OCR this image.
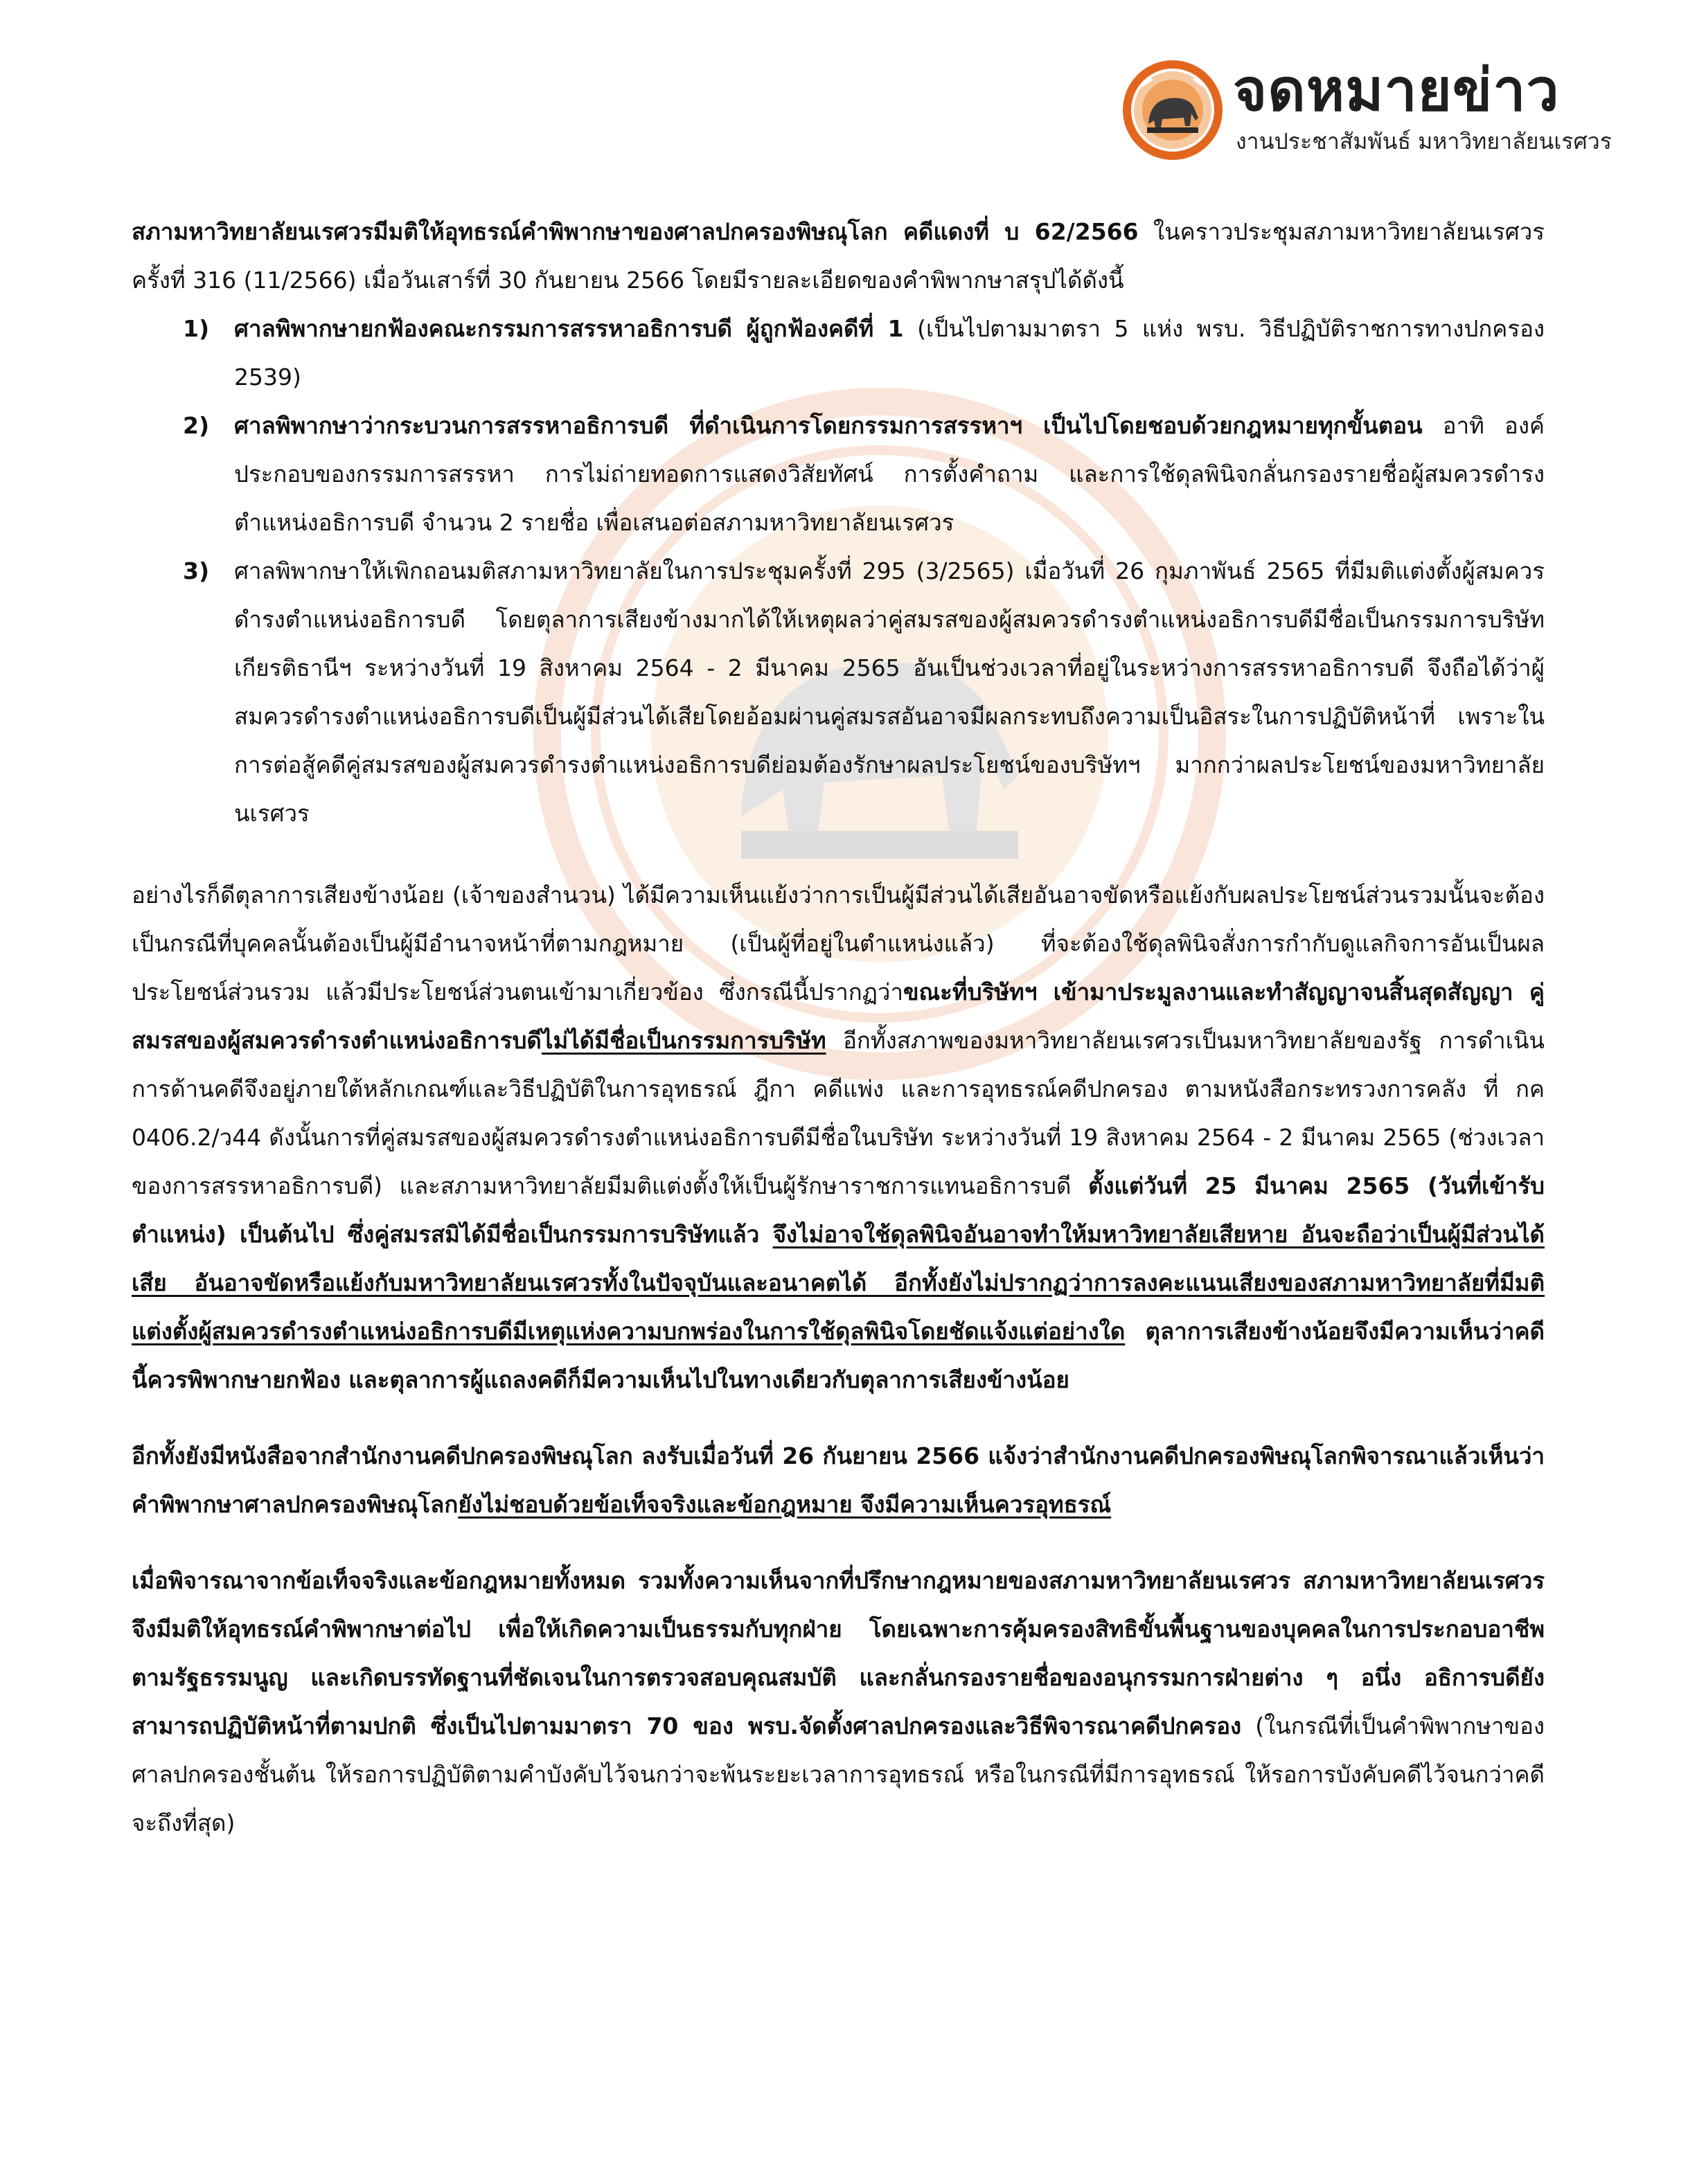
จดหมายข่าว
งานประชาสัมพันธ์ มหาวิทยาลัยนเรศวร

สภามหาวิทยาลัยนเรศวรมีมติให้อุทธรณ์คำพิพากษาของศาลปกครองพิษณุโลก คดีแดงที่ บ 62/2566 ในคราวประชุมสภามหาวิทยาลัยนเรศวรครั้งที่ 316 (11/2566) เมื่อวันเสาร์ที่ 30 กันยายน 2566 โดยมีรายละเอียดของคำพิพากษาสรุปได้ดังนี้

1) ศาลพิพากษายกฟ้องคณะกรรมการสรรหาอธิการบดี ผู้ถูกฟ้องคดีที่ 1 (เป็นไปตามมาตรา 5 แห่ง พรบ. วิธีปฏิบัติราชการทางปกครอง 2539)
2) ศาลพิพากษาว่ากระบวนการสรรหาอธิการบดี ที่ดำเนินการโดยกรรมการสรรหาฯ เป็นไปโดยชอบด้วยกฎหมายทุกขั้นตอน อาทิ องค์ประกอบของกรรมการสรรหา การไม่ถ่ายทอดการแสดงวิสัยทัศน์ การตั้งคำถาม และการใช้ดุลพินิจกลั่นกรองรายชื่อผู้สมควรดำรงตำแหน่งอธิการบดี จำนวน 2 รายชื่อ เพื่อเสนอต่อสภามหาวิทยาลัยนเรศวร
3) ศาลพิพากษาให้เพิกถอนมติสภามหาวิทยาลัยในการประชุมครั้งที่ 295 (3/2565) เมื่อวันที่ 26 กุมภาพันธ์ 2565 ที่มีมติแต่งตั้งผู้สมควรดำรงตำแหน่งอธิการบดี โดยตุลาการเสียงข้างมากได้ให้เหตุผลว่าคู่สมรสของผู้สมควรดำรงตำแหน่งอธิการบดีมีชื่อเป็นกรรมการบริษัทเกียรติธานีฯ ระหว่างวันที่ 19 สิงหาคม 2564 - 2 มีนาคม 2565 อันเป็นช่วงเวลาที่อยู่ในระหว่างการสรรหาอธิการบดี จึงถือได้ว่าผู้สมควรดำรงตำแหน่งอธิการบดีเป็นผู้มีส่วนได้เสียโดยอ้อมผ่านคู่สมรสอันอาจมีผลกระทบถึงความเป็นอิสระในการปฏิบัติหน้าที่ เพราะในการต่อสู้คดีคู่สมรสของผู้สมควรดำรงตำแหน่งอธิการบดีย่อมต้องรักษาผลประโยชน์ของบริษัทฯ มากกว่าผลประโยชน์ของมหาวิทยาลัยนเรศวร

อย่างไรก็ดีตุลาการเสียงข้างน้อย (เจ้าของสำนวน) ได้มีความเห็นแย้งว่าการเป็นผู้มีส่วนได้เสียอันอาจขัดหรือแย้งกับผลประโยชน์ส่วนรวมนั้นจะต้องเป็นกรณีที่บุคคลนั้นต้องเป็นผู้มีอำนาจหน้าที่ตามกฎหมาย (เป็นผู้ที่อยู่ในตำแหน่งแล้ว) ที่จะต้องใช้ดุลพินิจสั่งการกำกับดูแลกิจการอันเป็นผลประโยชน์ส่วนรวม แล้วมีประโยชน์ส่วนตนเข้ามาเกี่ยวข้อง ซึ่งกรณีนี้ปรากฏว่าขณะที่บริษัทฯ เข้ามาประมูลงานและทำสัญญาจนสิ้นสุดสัญญา คู่สมรสของผู้สมควรดำรงตำแหน่งอธิการบดีไม่ได้มีชื่อเป็นกรรมการบริษัท อีกทั้งสภาพของมหาวิทยาลัยนเรศวรเป็นมหาวิทยาลัยของรัฐ การดำเนินการด้านคดีจึงอยู่ภายใต้หลักเกณฑ์และวิธีปฏิบัติในการอุทธรณ์ ฎีกา คดีแพ่ง และการอุทธรณ์คดีปกครอง ตามหนังสือกระทรวงการคลัง ที่ กค 0406.2/ว44 ดังนั้นการที่คู่สมรสของผู้สมควรดำรงตำแหน่งอธิการบดีมีชื่อในบริษัท ระหว่างวันที่ 19 สิงหาคม 2564 - 2 มีนาคม 2565 (ช่วงเวลาของการสรรหาอธิการบดี) และสภามหาวิทยาลัยมีมติแต่งตั้งให้เป็นผู้รักษาราชการแทนอธิการบดี ตั้งแต่วันที่ 25 มีนาคม 2565 (วันที่เข้ารับตำแหน่ง) เป็นต้นไป ซึ่งคู่สมรสมิได้มีชื่อเป็นกรรมการบริษัทแล้ว จึงไม่อาจใช้ดุลพินิจอันอาจทำให้มหาวิทยาลัยเสียหาย อันจะถือว่าเป็นผู้มีส่วนได้เสีย อันอาจขัดหรือแย้งกับมหาวิทยาลัยนเรศวรทั้งในปัจจุบันและอนาคตได้ อีกทั้งยังไม่ปรากฏว่าการลงคะแนนเสียงของสภามหาวิทยาลัยที่มีมติแต่งตั้งผู้สมควรดำรงตำแหน่งอธิการบดีมีเหตุแห่งความบกพร่องในการใช้ดุลพินิจโดยชัดแจ้งแต่อย่างใด ตุลาการเสียงข้างน้อยจึงมีความเห็นว่าคดีนี้ควรพิพากษายกฟ้อง และตุลาการผู้แถลงคดีก็มีความเห็นไปในทางเดียวกับตุลาการเสียงข้างน้อย

อีกทั้งยังมีหนังสือจากสำนักงานคดีปกครองพิษณุโลก ลงรับเมื่อวันที่ 26 กันยายน 2566 แจ้งว่าสำนักงานคดีปกครองพิษณุโลกพิจารณาแล้วเห็นว่าคำพิพากษาศาลปกครองพิษณุโลกยังไม่ชอบด้วยข้อเท็จจริงและข้อกฎหมาย จึงมีความเห็นควรอุทธรณ์

เมื่อพิจารณาจากข้อเท็จจริงและข้อกฎหมายทั้งหมด รวมทั้งความเห็นจากที่ปรึกษากฎหมายของสภามหาวิทยาลัยนเรศวร สภามหาวิทยาลัยนเรศวรจึงมีมติให้อุทธรณ์คำพิพากษาต่อไป เพื่อให้เกิดความเป็นธรรมกับทุกฝ่าย โดยเฉพาะการคุ้มครองสิทธิขั้นพื้นฐานของบุคคลในการประกอบอาชีพตามรัฐธรรมนูญ และเกิดบรรทัดฐานที่ชัดเจนในการตรวจสอบคุณสมบัติ และกลั่นกรองรายชื่อของอนุกรรมการฝ่ายต่าง ๆ อนึ่ง อธิการบดียังสามารถปฏิบัติหน้าที่ตามปกติ ซึ่งเป็นไปตามมาตรา 70 ของ พรบ.จัดตั้งศาลปกครองและวิธีพิจารณาคดีปกครอง (ในกรณีที่เป็นคำพิพากษาของศาลปกครองชั้นต้น ให้รอการปฏิบัติตามคำบังคับไว้จนกว่าจะพ้นระยะเวลาการอุทธรณ์ หรือในกรณีที่มีการอุทธรณ์ ให้รอการบังคับคดีไว้จนกว่าคดีจะถึงที่สุด)
